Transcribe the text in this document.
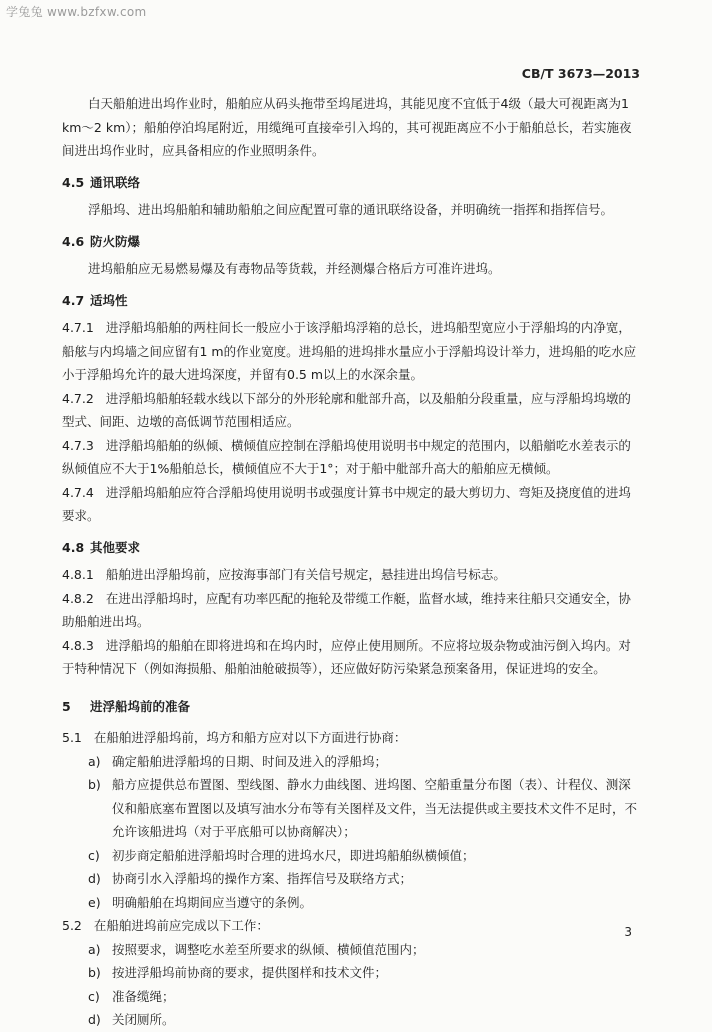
学兔兔 www.bzfxw.com
CB/T 3673—2013

白天船舶进出坞作业时，船舶应从码头拖带至坞尾进坞，其能见度不宜低于4级（最大可视距离为1 km～2 km）；船舶停泊坞尾附近，用缆绳可直接牵引入坞的，其可视距离应不小于船舶总长，若实施夜间进出坞作业时，应具备相应的作业照明条件。

4.5 通讯联络

浮船坞、进出坞船舶和辅助船舶之间应配置可靠的通讯联络设备，并明确统一指挥和指挥信号。

4.6 防火防爆

进坞船舶应无易燃易爆及有毒物品等货载，并经测爆合格后方可准许进坞。

4.7 适坞性

4.7.1 进浮船坞船舶的两柱间长一般应小于该浮船坞浮箱的总长，进坞船型宽应小于浮船坞的内净宽，船舷与内坞墙之间应留有1 m的作业宽度。进坞船的进坞排水量应小于浮船坞设计举力，进坞船的吃水应小于浮船坞允许的最大进坞深度，并留有0.5 m以上的水深余量。

4.7.2 进浮船坞船舶轻载水线以下部分的外形轮廓和舭部升高，以及船舶分段重量，应与浮船坞坞墩的型式、间距、边墩的高低调节范围相适应。

4.7.3 进浮船坞船舶的纵倾、横倾值应控制在浮船坞使用说明书中规定的范围内，以船艏吃水差表示的纵倾值应不大于1%船舶总长，横倾值应不大于1°；对于船中舭部升高大的船舶应无横倾。

4.7.4 进浮船坞船舶应符合浮船坞使用说明书或强度计算书中规定的最大剪切力、弯矩及挠度值的进坞要求。

4.8 其他要求

4.8.1 船舶进出浮船坞前，应按海事部门有关信号规定，悬挂进出坞信号标志。

4.8.2 在进出浮船坞时，应配有功率匹配的拖轮及带缆工作艇，监督水域，维持来往船只交通安全，协助船舶进出坞。

4.8.3 进浮船坞的船舶在即将进坞和在坞内时，应停止使用厕所。不应将垃圾杂物或油污倒入坞内。对于特种情况下（例如海损船、船舶油舱破损等），还应做好防污染紧急预案备用，保证进坞的安全。

5 进浮船坞前的准备

5.1 在船舶进浮船坞前，坞方和船方应对以下方面进行协商：

a) 确定船舶进浮船坞的日期、时间及进入的浮船坞；

b) 船方应提供总布置图、型线图、静水力曲线图、进坞图、空船重量分布图（表）、计程仪、测深仪和船底塞布置图以及填写油水分布等有关图样及文件，当无法提供或主要技术文件不足时，不允许该船进坞（对于平底船可以协商解决）；

c) 初步商定船舶进浮船坞时合理的进坞水尺，即进坞船舶纵横倾值；

d) 协商引水入浮船坞的操作方案、指挥信号及联络方式；

e) 明确船舶在坞期间应当遵守的条例。

5.2 在船舶进坞前应完成以下工作：

a) 按照要求，调整吃水差至所要求的纵倾、横倾值范围内；

b) 按进浮船坞前协商的要求，提供图样和技术文件；

c) 准备缆绳；

d) 关闭厕所。

3
